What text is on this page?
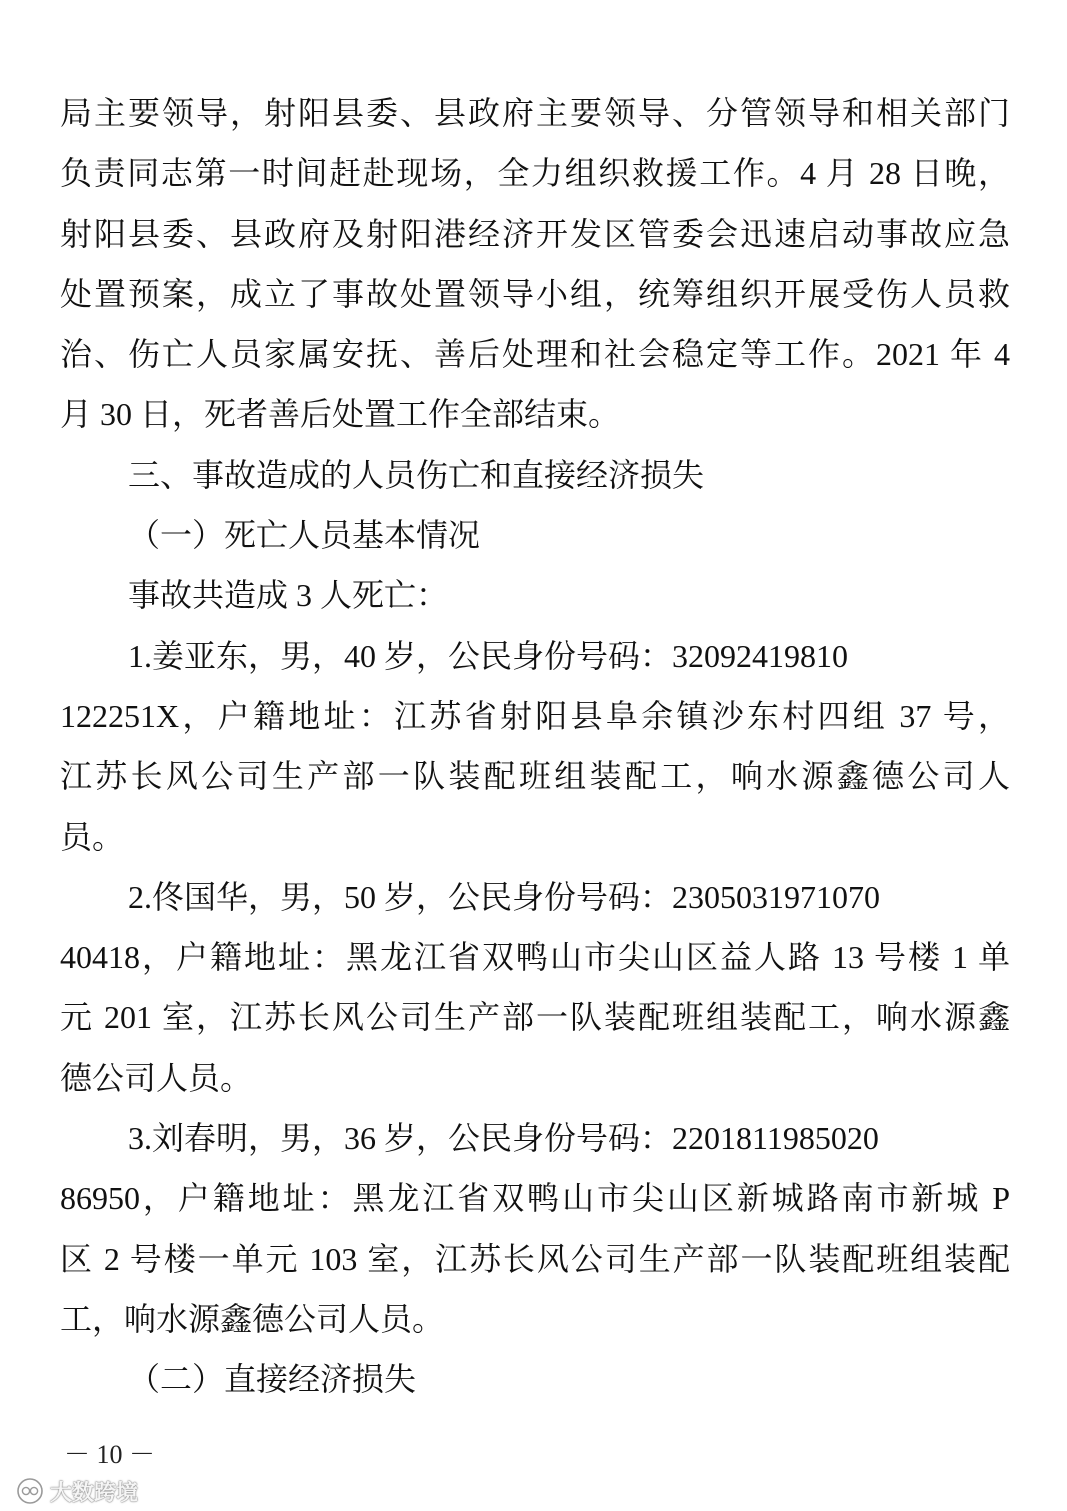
局主要领导，射阳县委、县政府主要领导、分管领导和相关部门
负责同志第一时间赶赴现场，全力组织救援工作。4 月 28 日晚，
射阳县委、县政府及射阳港经济开发区管委会迅速启动事故应急
处置预案，成立了事故处置领导小组，统筹组织开展受伤人员救
治、伤亡人员家属安抚、善后处理和社会稳定等工作。2021 年 4
月 30 日，死者善后处置工作全部结束。
三、事故造成的人员伤亡和直接经济损失
（一）死亡人员基本情况
事故共造成 3 人死亡：
1.姜亚东，男，40 岁，公民身份号码：32092419810
122251X，户籍地址：江苏省射阳县阜余镇沙东村四组 37 号，
江苏长风公司生产部一队装配班组装配工，响水源鑫德公司人
员。
2.佟国华，男，50 岁，公民身份号码：2305031971070
40418，户籍地址：黑龙江省双鸭山市尖山区益人路 13 号楼 1 单
元 201 室，江苏长风公司生产部一队装配班组装配工，响水源鑫
德公司人员。
3.刘春明，男，36 岁，公民身份号码：2201811985020
86950，户籍地址：黑龙江省双鸭山市尖山区新城路南市新城 P
区 2 号楼一单元 103 室，江苏长风公司生产部一队装配班组装配
工，响水源鑫德公司人员。
（二）直接经济损失
－ 10 －
大数跨境
